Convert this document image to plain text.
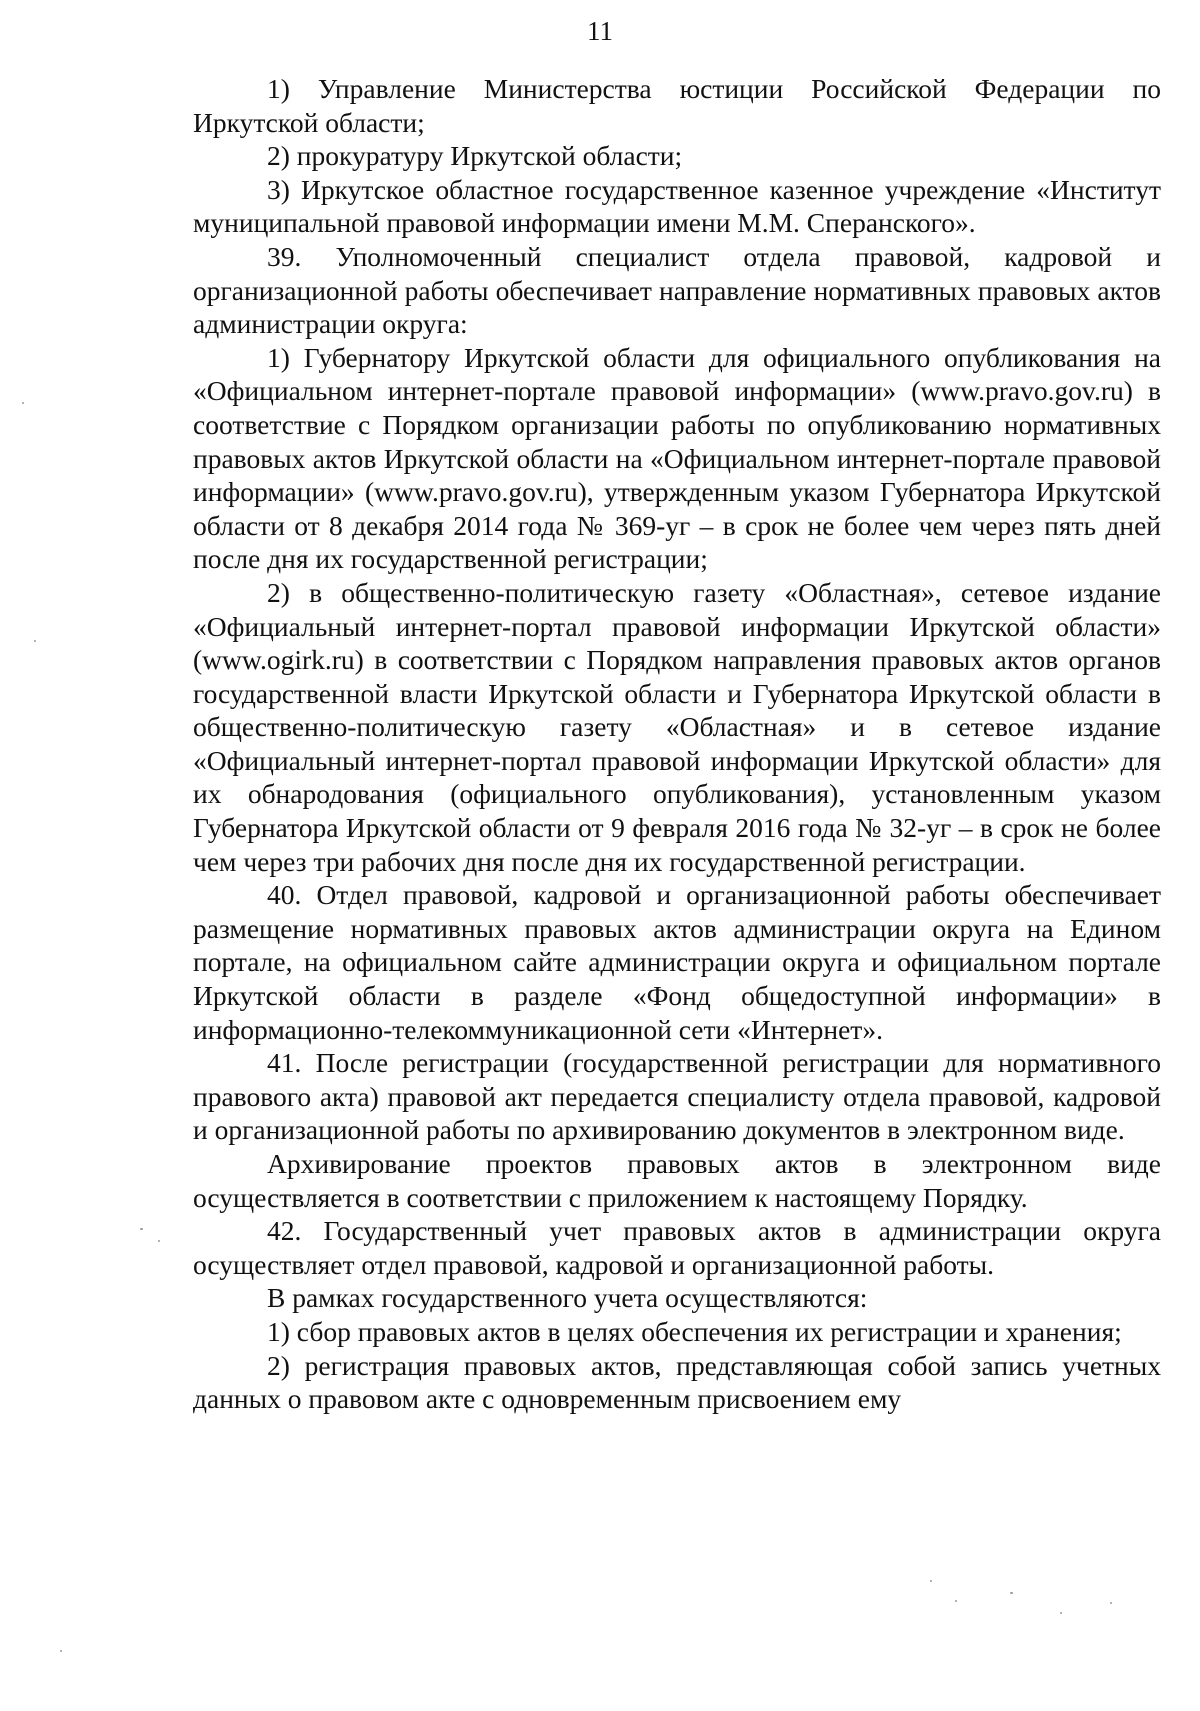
11

1) Управление Министерства юстиции Российской Федерации по Иркутской области;

2) прокуратуру Иркутской области;

3) Иркутское областное государственное казенное учреждение «Институт муниципальной правовой информации имени М.М. Сперанского».

39. Уполномоченный специалист отдела правовой, кадровой и организационной работы обеспечивает направление нормативных правовых актов администрации округа:

1) Губернатору Иркутской области для официального опубликования на «Официальном интернет-портале правовой информации» (www.pravo.gov.ru) в соответствие с Порядком организации работы по опубликованию нормативных правовых актов Иркутской области на «Официальном интернет-портале правовой информации» (www.pravo.gov.ru), утвержденным указом Губернатора Иркутской области от 8 декабря 2014 года № 369-уг – в срок не более чем через пять дней после дня их государственной регистрации;

2) в общественно-политическую газету «Областная», сетевое издание «Официальный интернет-портал правовой информации Иркутской области» (www.ogirk.ru) в соответствии с Порядком направления правовых актов органов государственной власти Иркутской области и Губернатора Иркутской области в общественно-политическую газету «Областная» и в сетевое издание «Официальный интернет-портал правовой информации Иркутской области» для их обнародования (официального опубликования), установленным указом Губернатора Иркутской области от 9 февраля 2016 года № 32-уг – в срок не более чем через три рабочих дня после дня их государственной регистрации.

40. Отдел правовой, кадровой и организационной работы обеспечивает размещение нормативных правовых актов администрации округа на Едином портале, на официальном сайте администрации округа и официальном портале Иркутской области в разделе «Фонд общедоступной информации» в информационно-телекоммуникационной сети «Интернет».

41. После регистрации (государственной регистрации для нормативного правового акта) правовой акт передается специалисту отдела правовой, кадровой и организационной работы по архивированию документов в электронном виде.

Архивирование проектов правовых актов в электронном виде осуществляется в соответствии с приложением к настоящему Порядку.

42. Государственный учет правовых актов в администрации округа осуществляет отдел правовой, кадровой и организационной работы.

В рамках государственного учета осуществляются:

1) сбор правовых актов в целях обеспечения их регистрации и хранения;

2) регистрация правовых актов, представляющая собой запись учетных данных о правовом акте с одновременным присвоением ему
